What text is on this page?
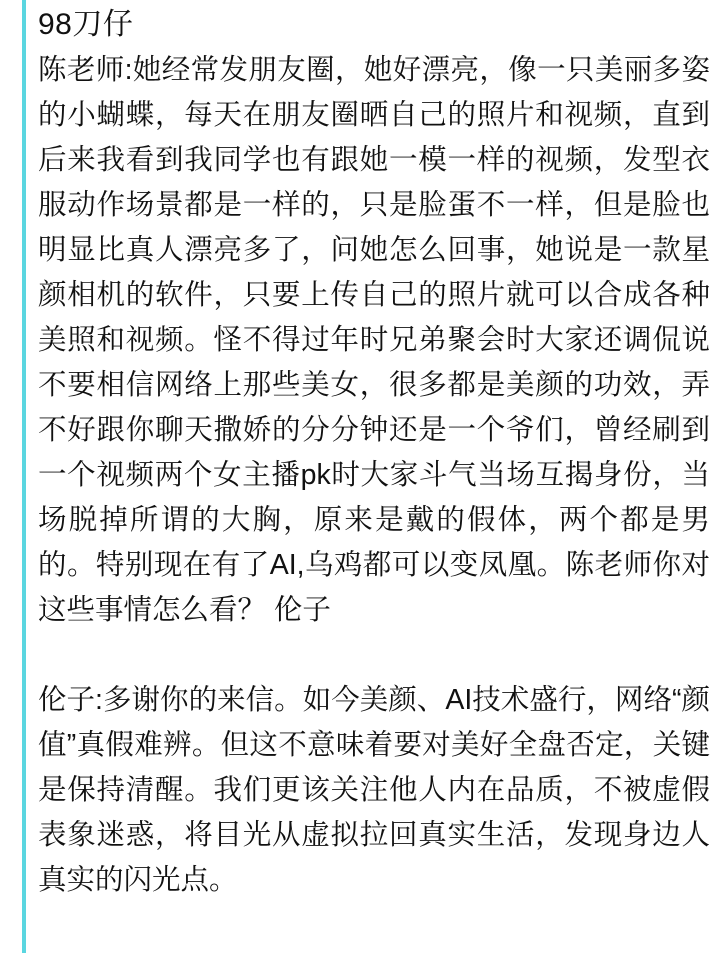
98刀仔

陈老师:她经常发朋友圈，她好漂亮，像一只美丽多姿的小蝴蝶，每天在朋友圈晒自己的照片和视频，直到后来我看到我同学也有跟她一模一样的视频，发型衣服动作场景都是一样的，只是脸蛋不一样，但是脸也明显比真人漂亮多了，问她怎么回事，她说是一款星颜相机的软件，只要上传自己的照片就可以合成各种美照和视频。怪不得过年时兄弟聚会时大家还调侃说不要相信网络上那些美女，很多都是美颜的功效，弄不好跟你聊天撒娇的分分钟还是一个爷们，曾经刷到一个视频两个女主播pk时大家斗气当场互揭身份，当场脱掉所谓的大胸，原来是戴的假体，两个都是男的。特别现在有了AI,乌鸡都可以变凤凰。陈老师你对这些事情怎么看？ 伦子

伦子:多谢你的来信。如今美颜、AI技术盛行，网络“颜值”真假难辨。但这不意味着要对美好全盘否定，关键是保持清醒。我们更该关注他人内在品质，不被虚假表象迷惑，将目光从虚拟拉回真实生活，发现身边人真实的闪光点。
